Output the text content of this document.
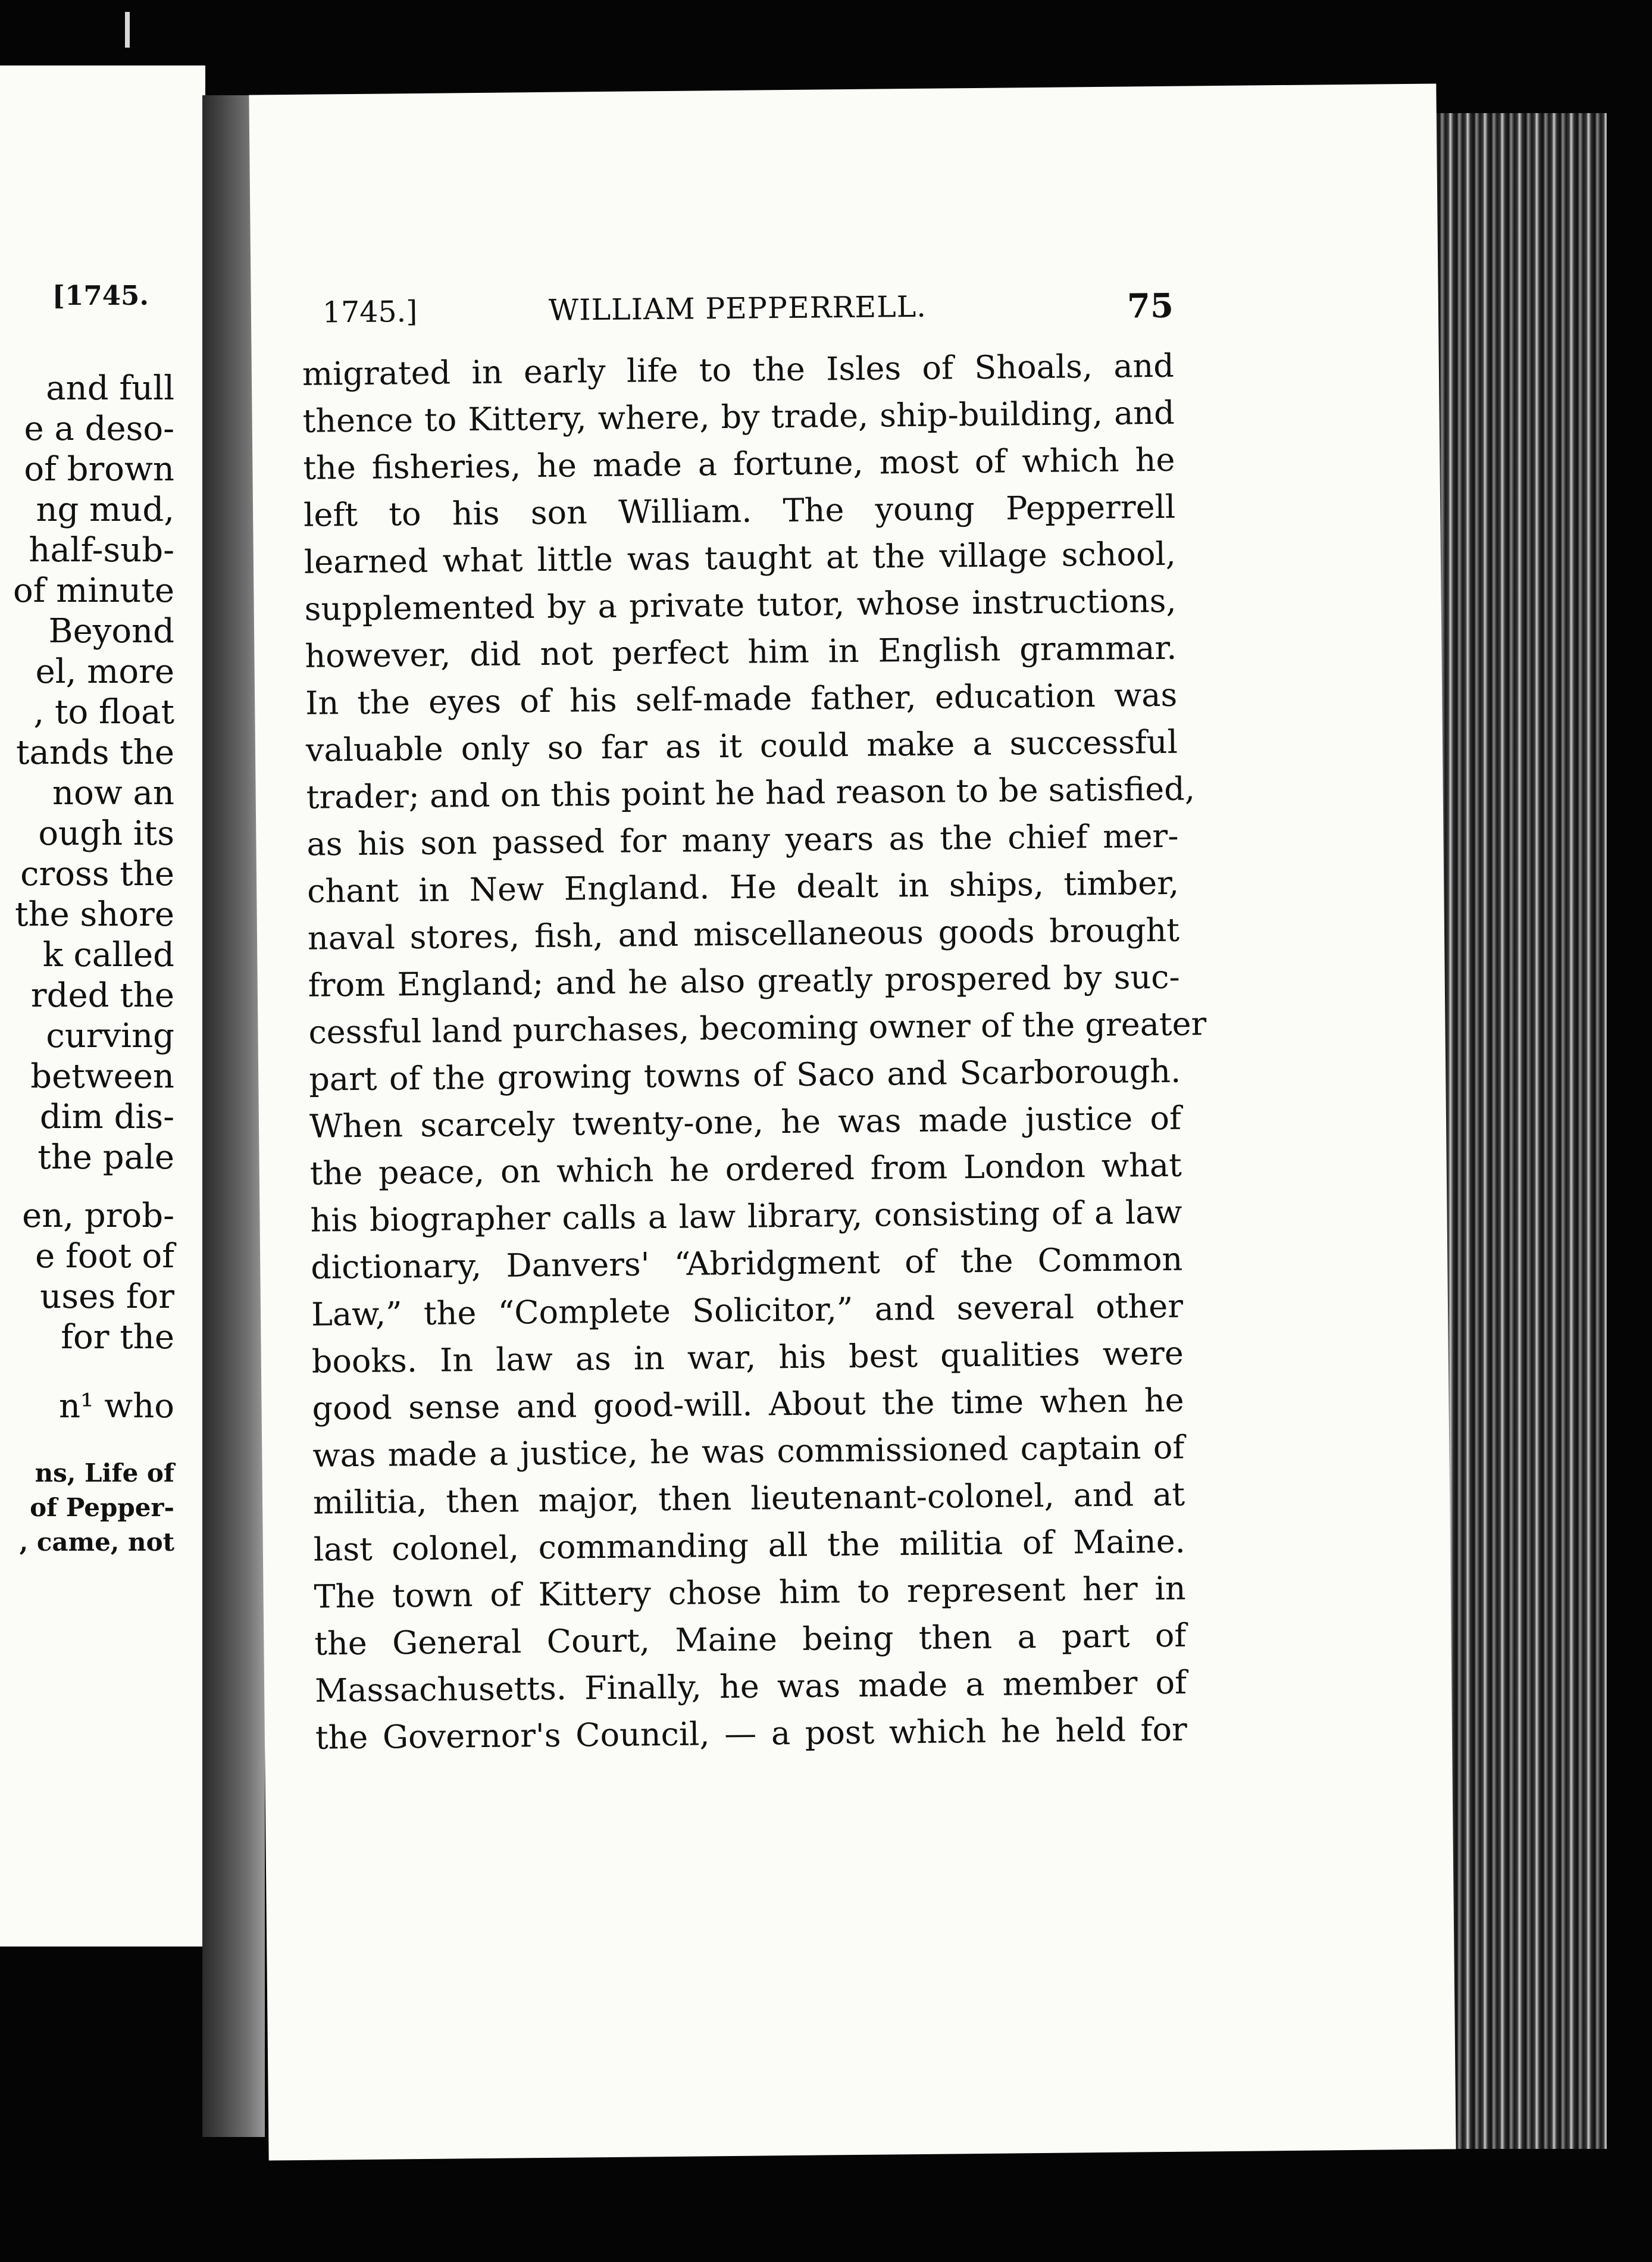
[1745.
and full
e a deso-
of brown
ng mud,
half-sub-
of minute
Beyond
el, more
, to float
tands the
now an
ough its
cross the
the shore
k called
rded the
curving
between
dim dis-
the pale
en, prob-
e foot of
uses for
for the
n¹ who
ns, Life of
of Pepper-
, came, not
1745.]	WILLIAM PEPPERRELL.	75
migrated in early life to the Isles of Shoals, and
thence to Kittery, where, by trade, ship-building, and
the fisheries, he made a fortune, most of which he
left to his son William. The young Pepperrell
learned what little was taught at the village school,
supplemented by a private tutor, whose instructions,
however, did not perfect him in English grammar.
In the eyes of his self-made father, education was
valuable only so far as it could make a successful
trader; and on this point he had reason to be satisfied,
as his son passed for many years as the chief mer-
chant in New England. He dealt in ships, timber,
naval stores, fish, and miscellaneous goods brought
from England; and he also greatly prospered by suc-
cessful land purchases, becoming owner of the greater
part of the growing towns of Saco and Scarborough.
When scarcely twenty-one, he was made justice of
the peace, on which he ordered from London what
his biographer calls a law library, consisting of a law
dictionary, Danvers' “Abridgment of the Common
Law,” the “Complete Solicitor,” and several other
books. In law as in war, his best qualities were
good sense and good-will. About the time when he
was made a justice, he was commissioned captain of
militia, then major, then lieutenant-colonel, and at
last colonel, commanding all the militia of Maine.
The town of Kittery chose him to represent her in
the General Court, Maine being then a part of
Massachusetts. Finally, he was made a member of
the Governor's Council, — a post which he held for
